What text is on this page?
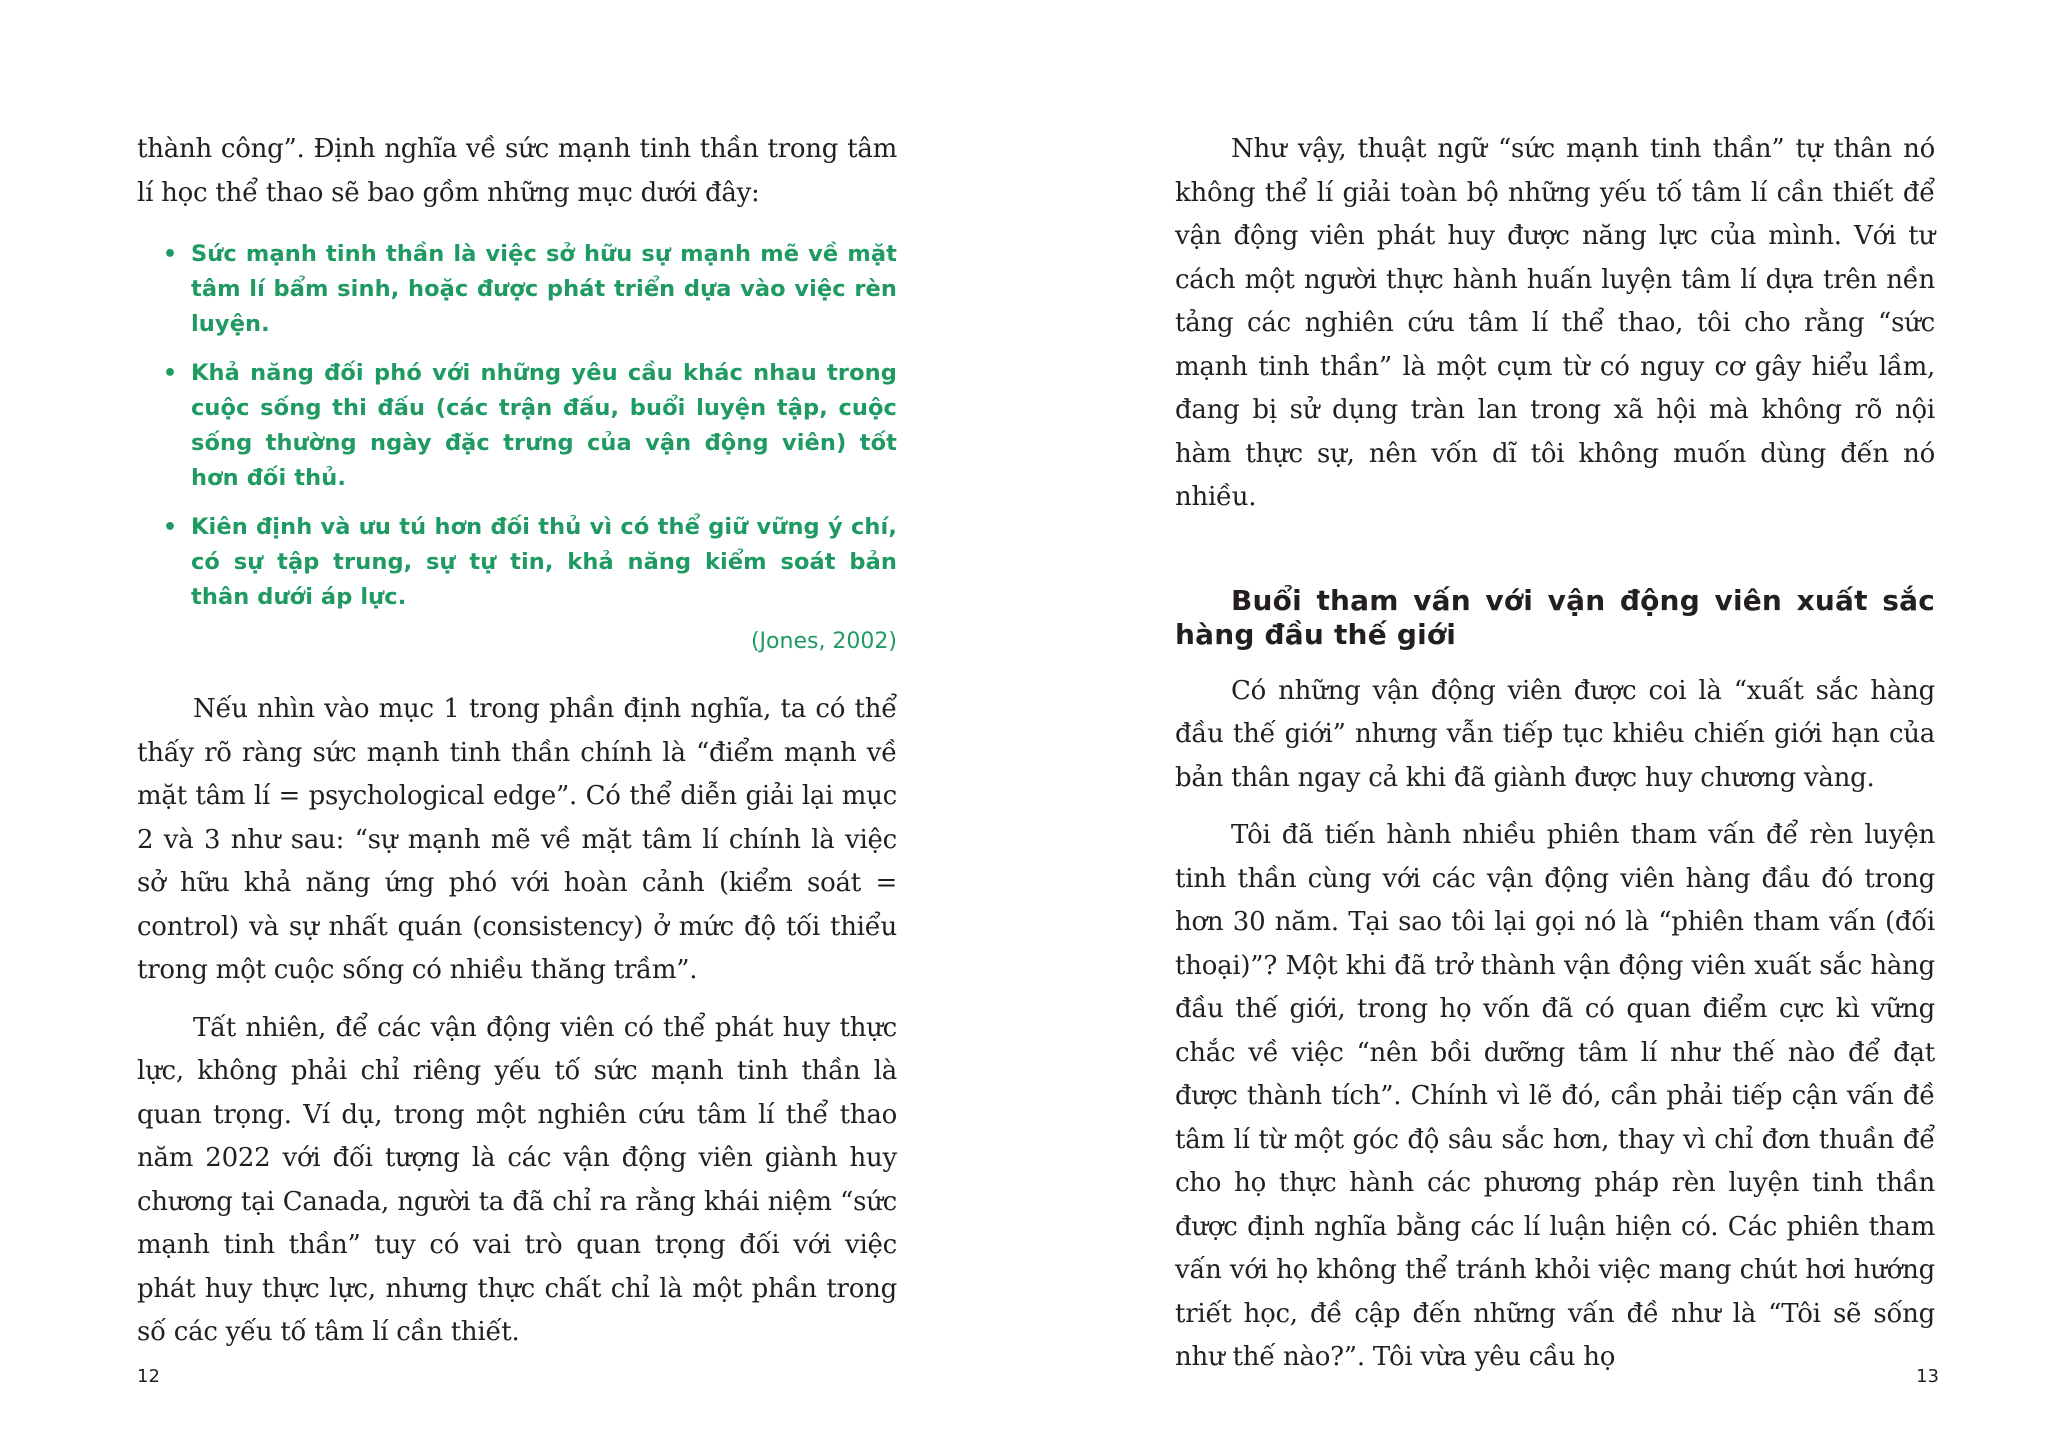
thành công”. Định nghĩa về sức mạnh tinh thần trong tâm lí học thể thao sẽ bao gồm những mục dưới đây:

• Sức mạnh tinh thần là việc sở hữu sự mạnh mẽ về mặt tâm lí bẩm sinh, hoặc được phát triển dựa vào việc rèn luyện.
• Khả năng đối phó với những yêu cầu khác nhau trong cuộc sống thi đấu (các trận đấu, buổi luyện tập, cuộc sống thường ngày đặc trưng của vận động viên) tốt hơn đối thủ.
• Kiên định và ưu tú hơn đối thủ vì có thể giữ vững ý chí, có sự tập trung, sự tự tin, khả năng kiểm soát bản thân dưới áp lực.
(Jones, 2002)

Nếu nhìn vào mục 1 trong phần định nghĩa, ta có thể thấy rõ ràng sức mạnh tinh thần chính là “điểm mạnh về mặt tâm lí = psychological edge”. Có thể diễn giải lại mục 2 và 3 như sau: “sự mạnh mẽ về mặt tâm lí chính là việc sở hữu khả năng ứng phó với hoàn cảnh (kiểm soát = control) và sự nhất quán (consistency) ở mức độ tối thiểu trong một cuộc sống có nhiều thăng trầm”.

Tất nhiên, để các vận động viên có thể phát huy thực lực, không phải chỉ riêng yếu tố sức mạnh tinh thần là quan trọng. Ví dụ, trong một nghiên cứu tâm lí thể thao năm 2022 với đối tượng là các vận động viên giành huy chương tại Canada, người ta đã chỉ ra rằng khái niệm “sức mạnh tinh thần” tuy có vai trò quan trọng đối với việc phát huy thực lực, nhưng thực chất chỉ là một phần trong số các yếu tố tâm lí cần thiết.

12

Như vậy, thuật ngữ “sức mạnh tinh thần” tự thân nó không thể lí giải toàn bộ những yếu tố tâm lí cần thiết để vận động viên phát huy được năng lực của mình. Với tư cách một người thực hành huấn luyện tâm lí dựa trên nền tảng các nghiên cứu tâm lí thể thao, tôi cho rằng “sức mạnh tinh thần” là một cụm từ có nguy cơ gây hiểu lầm, đang bị sử dụng tràn lan trong xã hội mà không rõ nội hàm thực sự, nên vốn dĩ tôi không muốn dùng đến nó nhiều.

Buổi tham vấn với vận động viên xuất sắc hàng đầu thế giới

Có những vận động viên được coi là “xuất sắc hàng đầu thế giới” nhưng vẫn tiếp tục khiêu chiến giới hạn của bản thân ngay cả khi đã giành được huy chương vàng.

Tôi đã tiến hành nhiều phiên tham vấn để rèn luyện tinh thần cùng với các vận động viên hàng đầu đó trong hơn 30 năm. Tại sao tôi lại gọi nó là “phiên tham vấn (đối thoại)”? Một khi đã trở thành vận động viên xuất sắc hàng đầu thế giới, trong họ vốn đã có quan điểm cực kì vững chắc về việc “nên bồi dưỡng tâm lí như thế nào để đạt được thành tích”. Chính vì lẽ đó, cần phải tiếp cận vấn đề tâm lí từ một góc độ sâu sắc hơn, thay vì chỉ đơn thuần để cho họ thực hành các phương pháp rèn luyện tinh thần được định nghĩa bằng các lí luận hiện có. Các phiên tham vấn với họ không thể tránh khỏi việc mang chút hơi hướng triết học, đề cập đến những vấn đề như là “Tôi sẽ sống như thế nào?”. Tôi vừa yêu cầu họ

13
